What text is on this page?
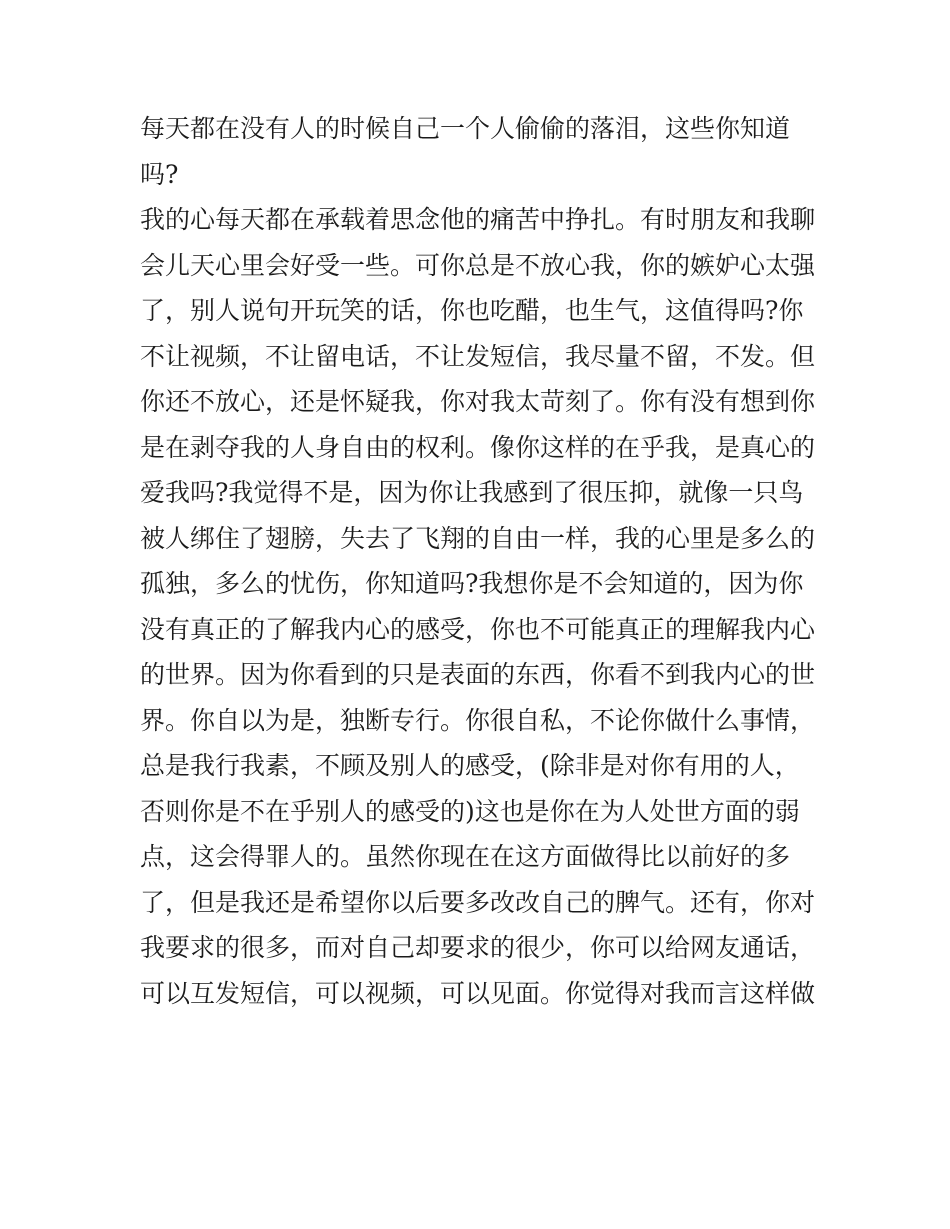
每天都在没有人的时候自己一个人偷偷的落泪，这些你知道
吗?
我的心每天都在承载着思念他的痛苦中挣扎。有时朋友和我聊
会儿天心里会好受一些。可你总是不放心我，你的嫉妒心太强
了，别人说句开玩笑的话，你也吃醋，也生气，这值得吗?你
不让视频，不让留电话，不让发短信，我尽量不留，不发。但
你还不放心，还是怀疑我，你对我太苛刻了。你有没有想到你
是在剥夺我的人身自由的权利。像你这样的在乎我，是真心的
爱我吗?我觉得不是，因为你让我感到了很压抑，就像一只鸟
被人绑住了翅膀，失去了飞翔的自由一样，我的心里是多么的
孤独，多么的忧伤，你知道吗?我想你是不会知道的，因为你
没有真正的了解我内心的感受，你也不可能真正的理解我内心
的世界。因为你看到的只是表面的东西，你看不到我内心的世
界。你自以为是，独断专行。你很自私，不论你做什么事情，
总是我行我素，不顾及别人的感受，(除非是对你有用的人，
否则你是不在乎别人的感受的)这也是你在为人处世方面的弱
点，这会得罪人的。虽然你现在在这方面做得比以前好的多
了，但是我还是希望你以后要多改改自己的脾气。还有，你对
我要求的很多，而对自己却要求的很少，你可以给网友通话，
可以互发短信，可以视频，可以见面。你觉得对我而言这样做
